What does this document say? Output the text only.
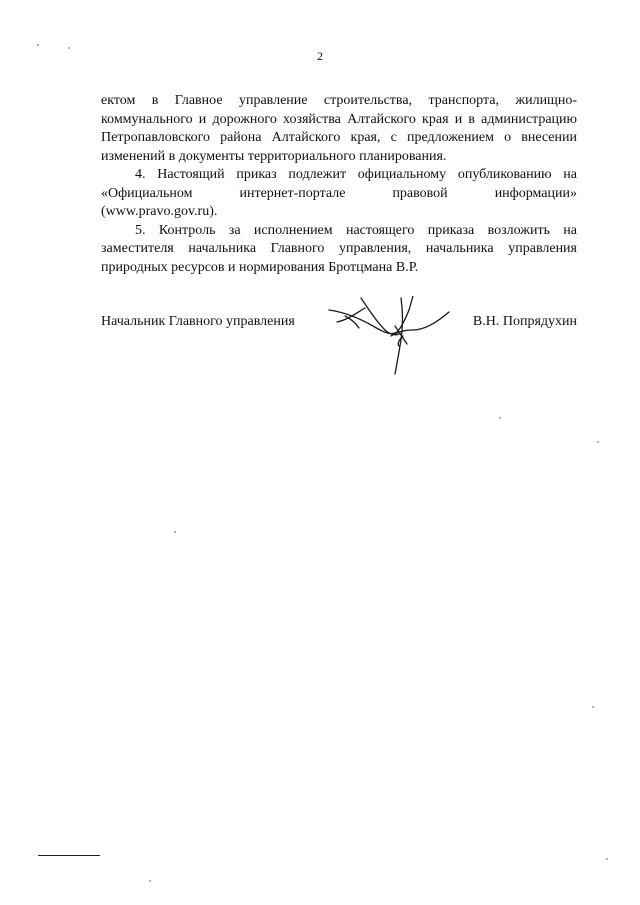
2

ектом в Главное управление строительства, транспорта, жилищно-коммунального и дорожного хозяйства Алтайского края и в администрацию Петропавловского района Алтайского края, с предложением о внесении изменений в документы территориального планирования.

4. Настоящий приказ подлежит официальному опубликованию на

«Официальном интернет-портале правовой информации»

(www.pravo.gov.ru).

5. Контроль за исполнением настоящего приказа возложить на заместителя начальника Главного управления, начальника управления природных ресурсов и нормирования Бротцмана В.Р.

Начальник Главного управления	В.Н. Попрядухин
